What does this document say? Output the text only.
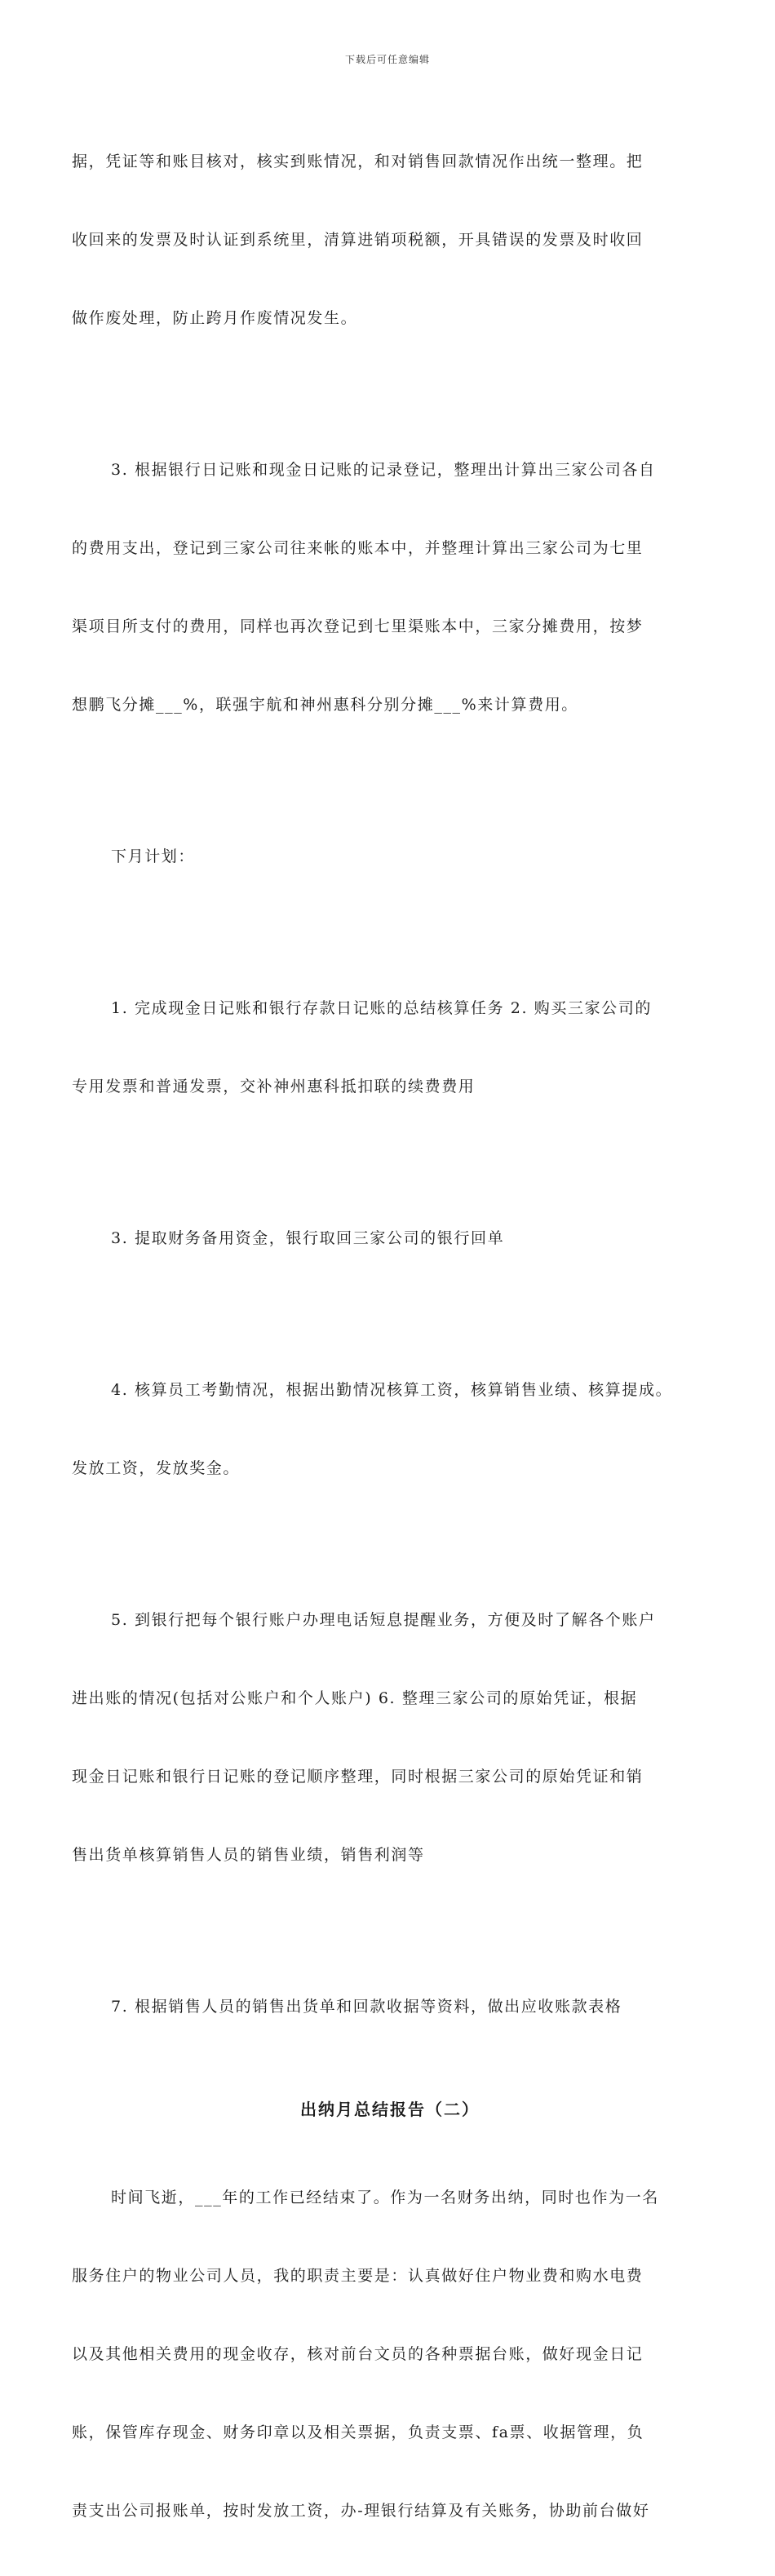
下载后可任意编辑

据，凭证等和账目核对，核实到账情况，和对销售回款情况作出统一整理。把

收回来的发票及时认证到系统里，清算进销项税额，开具错误的发票及时收回

做作废处理，防止跨月作废情况发生。

3. 根据银行日记账和现金日记账的记录登记，整理出计算出三家公司各自

的费用支出，登记到三家公司往来帐的账本中，并整理计算出三家公司为七里

渠项目所支付的费用，同样也再次登记到七里渠账本中，三家分摊费用，按梦

想鹏飞分摊___%，联强宇航和神州惠科分别分摊___%来计算费用。

下月计划：

1. 完成现金日记账和银行存款日记账的总结核算任务 2. 购买三家公司的

专用发票和普通发票，交补神州惠科抵扣联的续费费用

3. 提取财务备用资金，银行取回三家公司的银行回单

4. 核算员工考勤情况，根据出勤情况核算工资，核算销售业绩、核算提成。

发放工资，发放奖金。

5. 到银行把每个银行账户办理电话短息提醒业务，方便及时了解各个账户

进出账的情况(包括对公账户和个人账户) 6. 整理三家公司的原始凭证，根据

现金日记账和银行日记账的登记顺序整理，同时根据三家公司的原始凭证和销

售出货单核算销售人员的销售业绩，销售利润等

7. 根据销售人员的销售出货单和回款收据等资料，做出应收账款表格

出纳月总结报告（二）

时间飞逝，___年的工作已经结束了。作为一名财务出纳，同时也作为一名

服务住户的物业公司人员，我的职责主要是：认真做好住户物业费和购水电费

以及其他相关费用的现金收存，核对前台文员的各种票据台账，做好现金日记

账，保管库存现金、财务印章以及相关票据，负责支票、fa票、收据管理，负

责支出公司报账单，按时发放工资，办-理银行结算及有关账务，协助前台做好
